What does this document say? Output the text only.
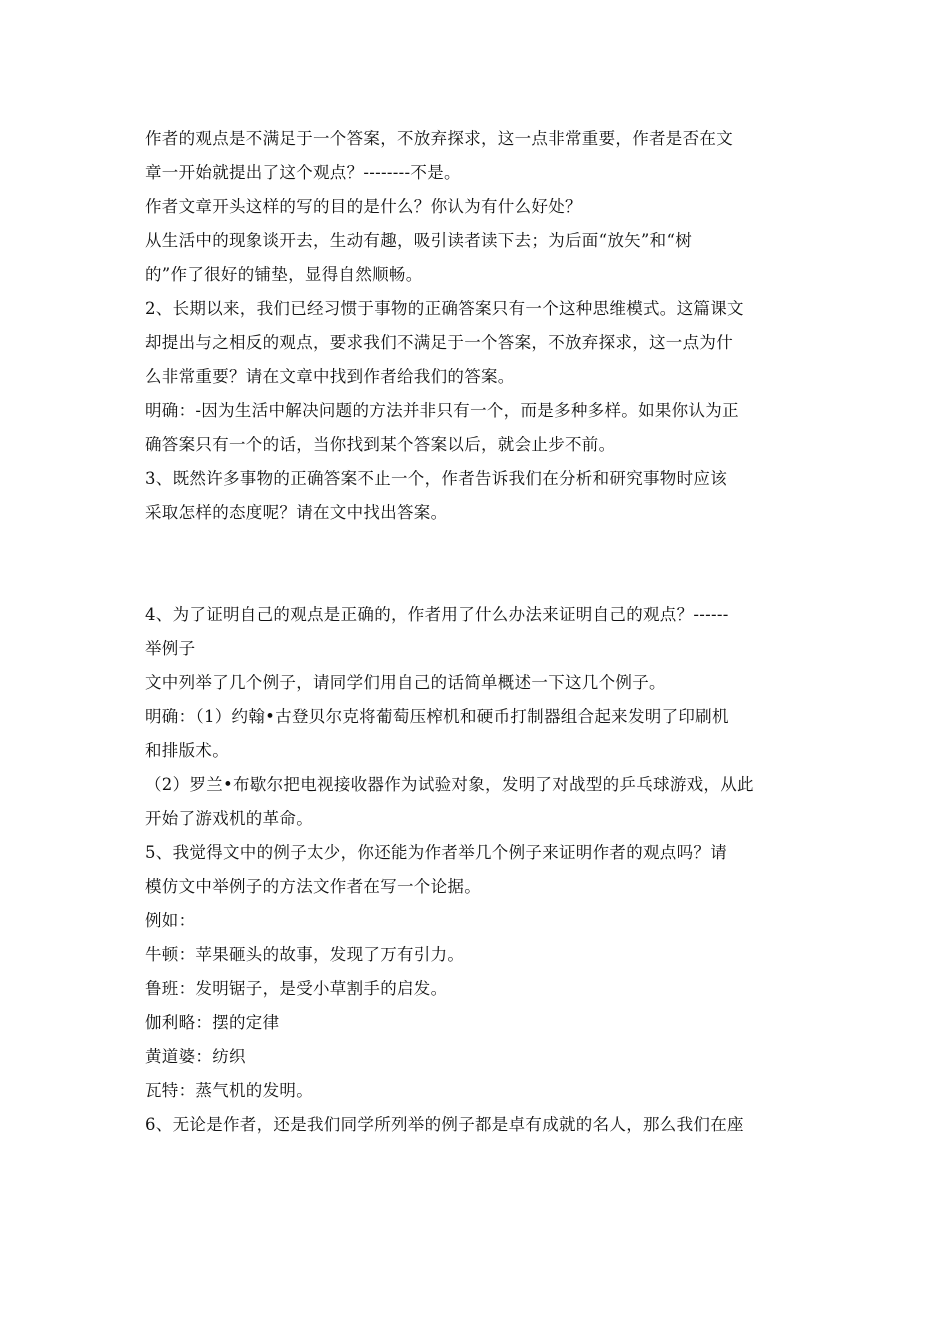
作者的观点是不满足于一个答案，不放弃探求，这一点非常重要，作者是否在文
章一开始就提出了这个观点？--------不是。
作者文章开头这样的写的目的是什么？你认为有什么好处？
从生活中的现象谈开去，生动有趣，吸引读者读下去；为后面“放矢”和“树
的”作了很好的铺垫，显得自然顺畅。
2、长期以来，我们已经习惯于事物的正确答案只有一个这种思维模式。这篇课文
却提出与之相反的观点，要求我们不满足于一个答案，不放弃探求，这一点为什
么非常重要？请在文章中找到作者给我们的答案。
明确：-因为生活中解决问题的方法并非只有一个，而是多种多样。如果你认为正
确答案只有一个的话，当你找到某个答案以后，就会止步不前。
3、既然许多事物的正确答案不止一个，作者告诉我们在分析和研究事物时应该
采取怎样的态度呢？请在文中找出答案。
4、为了证明自己的观点是正确的，作者用了什么办法来证明自己的观点？------
举例子
文中列举了几个例子，请同学们用自己的话简单概述一下这几个例子。
明确：（1）约翰•古登贝尔克将葡萄压榨机和硬币打制器组合起来发明了印刷机
和排版术。
（2）罗兰•布歇尔把电视接收器作为试验对象，发明了对战型的乒乓球游戏，从此
开始了游戏机的革命。
5、我觉得文中的例子太少，你还能为作者举几个例子来证明作者的观点吗？请
模仿文中举例子的方法文作者在写一个论据。
例如：
牛顿：苹果砸头的故事，发现了万有引力。
鲁班：发明锯子，是受小草割手的启发。
伽利略：摆的定律
黄道婆：纺织
瓦特：蒸气机的发明。
6、无论是作者，还是我们同学所列举的例子都是卓有成就的名人，那么我们在座
